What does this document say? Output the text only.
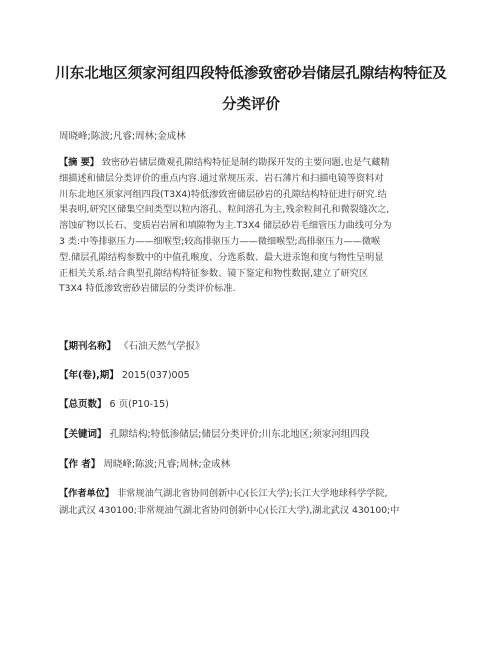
川东北地区须家河组四段特低渗致密砂岩储层孔隙结构特征及
分类评价
周晓峰;陈波;凡睿;周林;金成林
【摘 要】 致密砂岩储层微观孔隙结构特征是制约勘探开发的主要问题,也是气藏精
细描述和储层分类评价的重点内容.通过常规压汞、岩石薄片和扫描电镜等资料对
川东北地区须家河组四段(T3X4)特低渗致密储层砂岩的孔隙结构特征进行研究.结
果表明,研究区储集空间类型以粒内溶孔、粒间溶孔为主,残余粒间孔和微裂缝次之,
溶蚀矿物以长石、变质岩岩屑和填隙物为主.T3X4 储层砂岩毛细管压力曲线可分为
3 类:中等排驱压力——细喉型;较高排驱压力——微细喉型;高排驱压力——微喉
型.储层孔隙结构参数中的中值孔喉度、分选系数、最大进汞饱和度与物性呈明显
正相关关系.结合典型孔隙结构特征参数、镜下鉴定和物性数据,建立了研究区
T3X4 特低渗致密砂岩储层的分类评价标准.
【期刊名称】 《石油天然气学报》
【年(卷),期】 2015(037)005
【总页数】 6 页(P10-15)
【关键词】 孔隙结构;特低渗储层;储层分类评价;川东北地区;须家河组四段
【作 者】 周晓峰;陈波;凡睿;周林;金成林
【作者单位】 非常规油气湖北省协同创新中心(长江大学);长江大学地球科学学院,
湖北武汉 430100;非常规油气湖北省协同创新中心(长江大学),湖北武汉 430100;中
